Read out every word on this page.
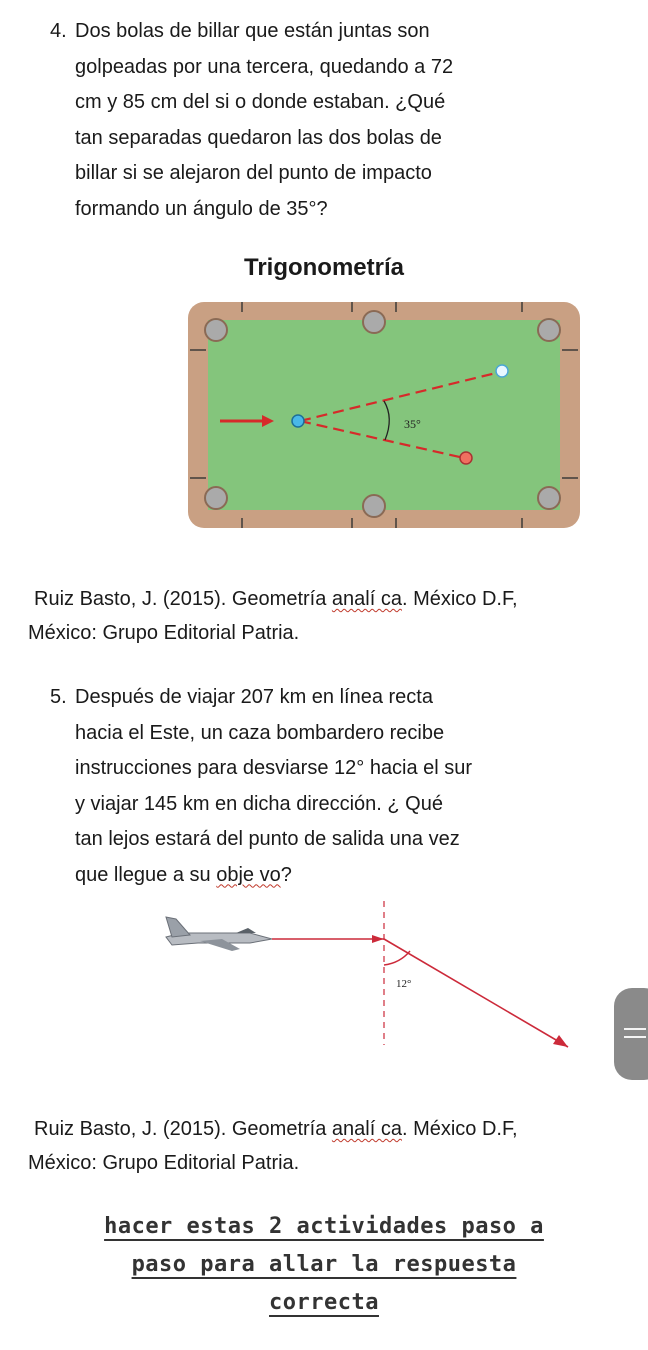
4. Dos bolas de billar que están juntas son
golpeadas por una tercera, quedando a 72
cm y 85 cm del si o donde estaban. ¿Qué
tan separadas quedaron las dos bolas de
billar si se alejaron del punto de impacto
formando un ángulo de 35°?
Trigonometría
35°
Ruiz Basto, J. (2015). Geometría analí ca. México D.F,
México: Grupo Editorial Patria.
5. Después de viajar 207 km en línea recta
hacia el Este, un caza bombardero recibe
instrucciones para desviarse 12° hacia el sur
y viajar 145 km en dicha dirección. ¿ Qué
tan lejos estará del punto de salida una vez
que llegue a su obje vo?
12°
Ruiz Basto, J. (2015). Geometría analí ca. México D.F,
México: Grupo Editorial Patria.
hacer estas 2 actividades paso a
paso para allar la respuesta
correcta
